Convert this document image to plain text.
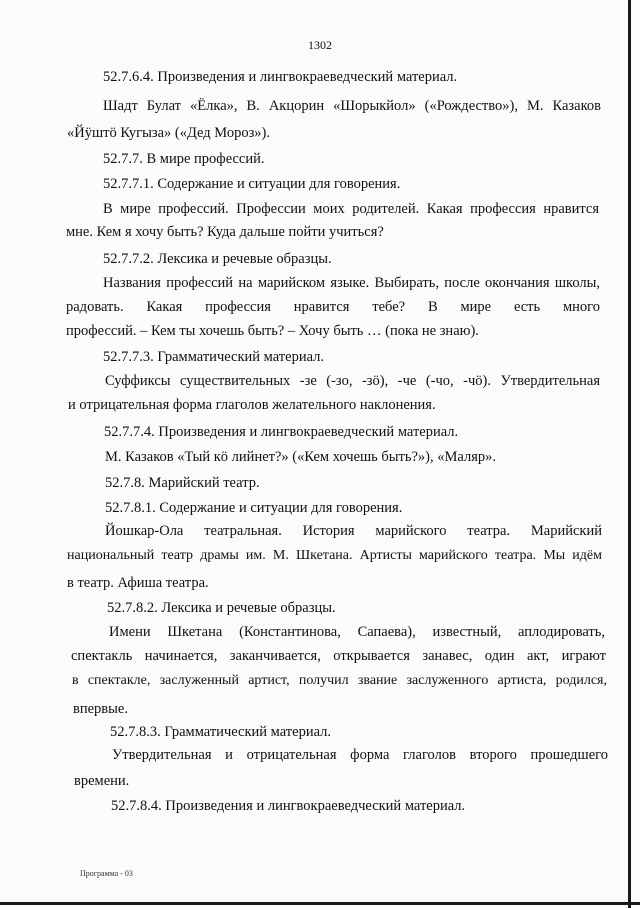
1302
52.7.6.4. Произведения и лингвокраеведческий материал.
Шадт Булат «Ёлка», В. Акцорин «Шорыкйол» («Рождество»), М. Казаков
«Йӱштӧ Кугыза» («Дед Мороз»).
52.7.7. В мире профессий.
52.7.7.1. Содержание и ситуации для говорения.
В мире профессий. Профессии моих родителей. Какая профессия нравится
мне. Кем я хочу быть? Куда дальше пойти учиться?
52.7.7.2. Лексика и речевые образцы.
Названия профессий на марийском языке. Выбирать, после окончания школы,
радовать. Какая профессия нравится тебе? В мире есть много
профессий. – Кем ты хочешь быть? – Хочу быть … (пока не знаю).
52.7.7.3. Грамматический материал.
Суффиксы существительных -зе (-зо, -зӧ), -че (-чо, -чӧ). Утвердительная
и отрицательная форма глаголов желательного наклонения.
52.7.7.4. Произведения и лингвокраеведческий материал.
М. Казаков «Тый кӧ лийнет?» («Кем хочешь быть?»), «Маляр».
52.7.8. Марийский театр.
52.7.8.1. Содержание и ситуации для говорения.
Йошкар-Ола театральная. История марийского театра. Марийский
национальный театр драмы им. М. Шкетана. Артисты марийского театра. Мы идём
в театр. Афиша театра.
52.7.8.2. Лексика и речевые образцы.
Имени Шкетана (Константинова, Сапаева), известный, аплодировать,
спектакль начинается, заканчивается, открывается занавес, один акт, играют
в спектакле, заслуженный артист, получил звание заслуженного артиста, родился,
впервые.
52.7.8.3. Грамматический материал.
Утвердительная и отрицательная форма глаголов второго прошедшего
времени.
52.7.8.4. Произведения и лингвокраеведческий материал.
Программа - 03
